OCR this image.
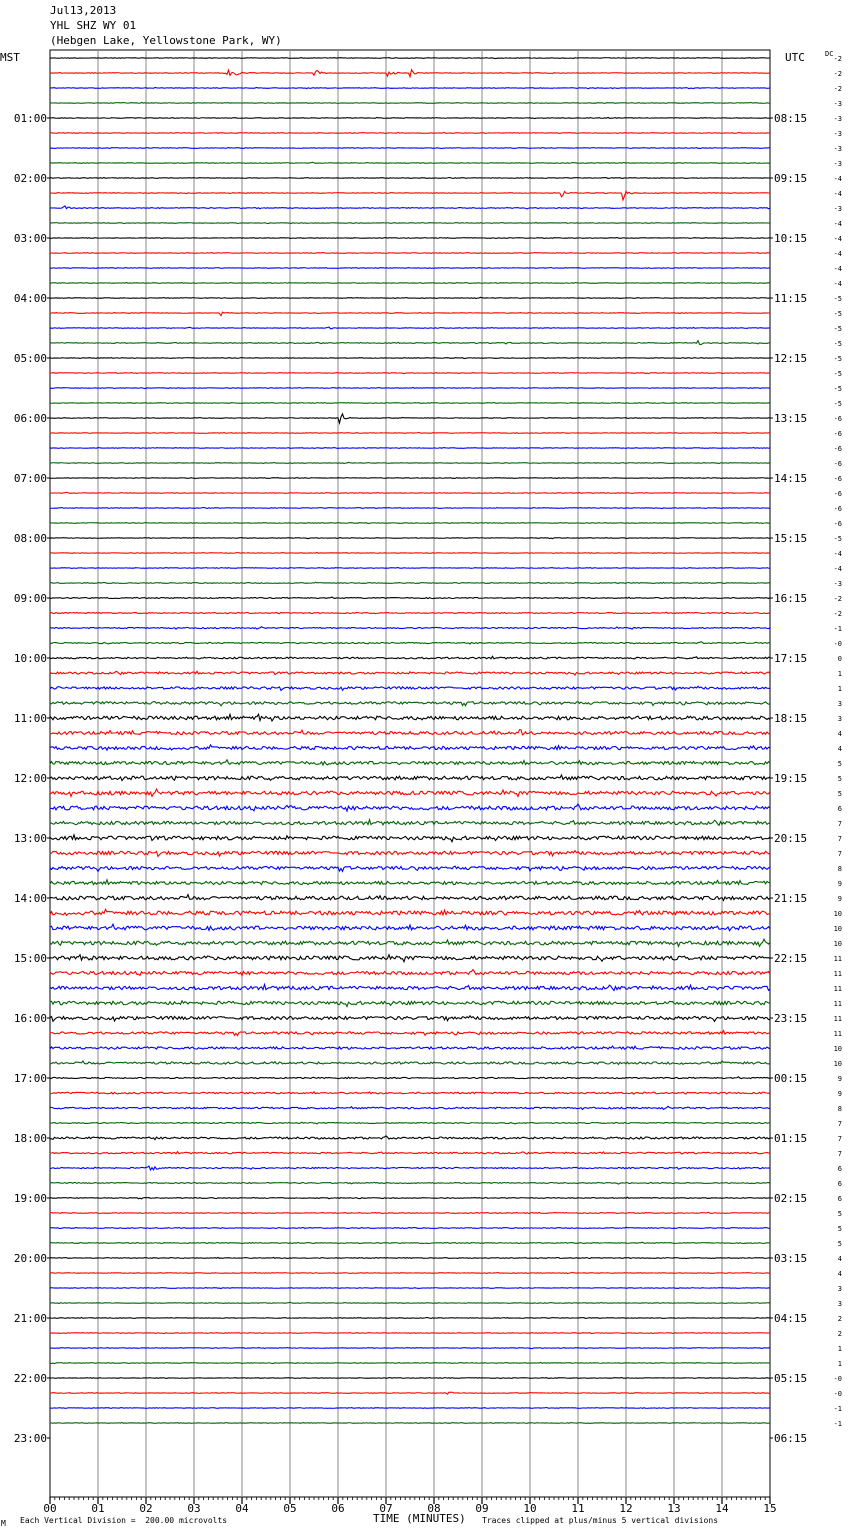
Jul13,2013
YHL SHZ WY 01
(Hebgen Lake, Yellowstone Park, WY)
MST	UTC	-2
-2
-2
-3
-3
-3
-3
-3
-4
-4
-3
-4
-4
-4
-4
-4
-5
-5
-5
-5
-5
-5
-5
-5
-6
-6
-6
-6
-6
-6
-6
-6
-5
-4
-4
-3
-2
-2
-1
-0
0
1
1
3
3
4
4
5
5
5
6
7
7
7
8
9
9
10
10
10
11
11
11
11
11
11
10
10
9
9
8
7
7
7
6
6
6
5
5
5
4
4
3
3
2
2
1
1
-0
-0
-1
-1
DC
01:00
02:00
03:00
04:00
05:00
06:00
07:00
08:00
09:00
10:00
11:00
12:00
13:00
14:00
15:00
16:00
17:00
18:00
19:00
20:00
21:00
22:00
23:00
08:15
09:15
10:15
11:15
12:15
13:15
14:15
15:15
16:15
17:15
18:15
19:15
20:15
21:15
22:15
23:15
00:15
01:15
02:15
03:15
04:15
05:15
06:15
00	01	02	03	04	05	06	07	08	09	10	11	12	13	14	15
TIME (MINUTES)
M Each Vertical Division =  200.00 microvolts	Traces clipped at plus/minus 5 vertical divisions
